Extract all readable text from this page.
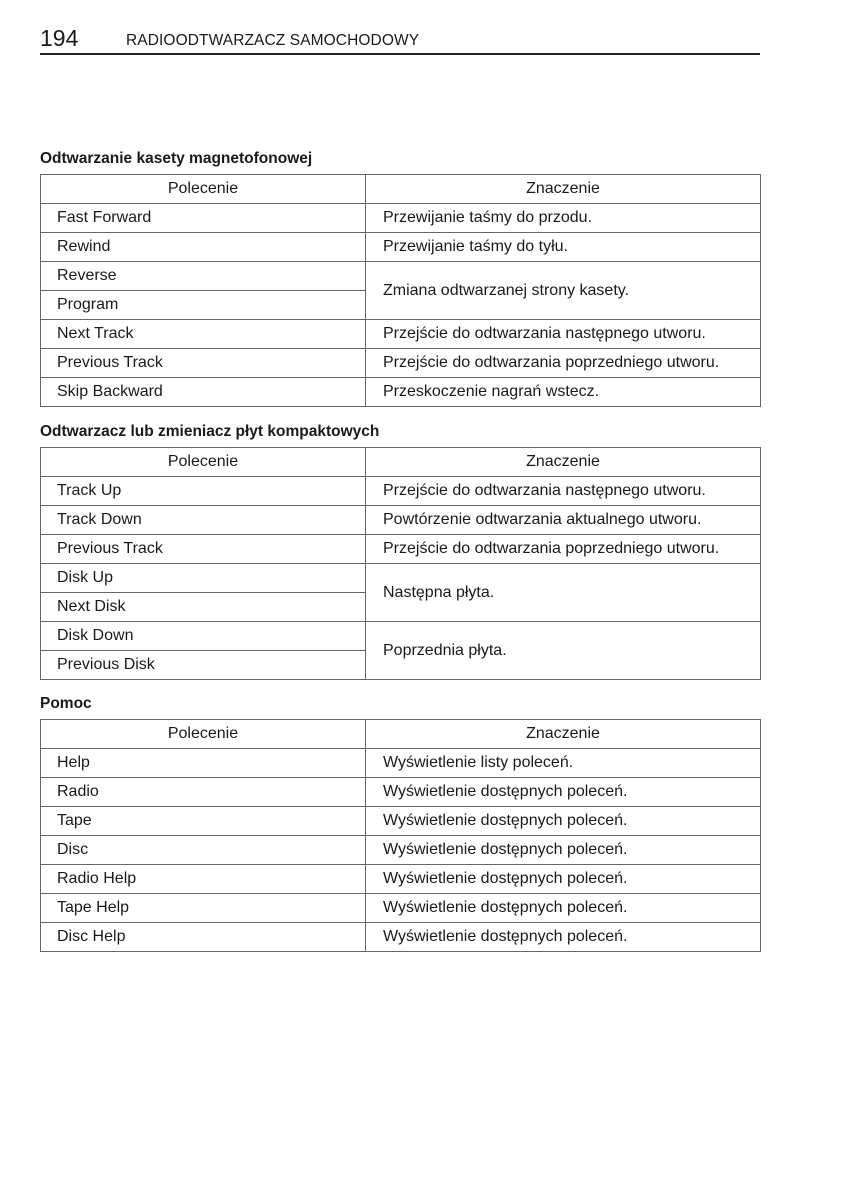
194	RADIOODTWARZACZ SAMOCHODOWY
Odtwarzanie kasety magnetofonowej
Polecenie	Znaczenie
Fast Forward	Przewijanie taśmy do przodu.
Rewind	Przewijanie taśmy do tyłu.
Reverse	Zmiana odtwarzanej strony kasety.
Program	
Next Track	Przejście do odtwarzania następnego utworu.
Previous Track	Przejście do odtwarzania poprzedniego utworu.
Skip Backward	Przeskoczenie nagrań wstecz.
Odtwarzacz lub zmieniacz płyt kompaktowych
Polecenie	Znaczenie
Track Up	Przejście do odtwarzania następnego utworu.
Track Down	Powtórzenie odtwarzania aktualnego utworu.
Previous Track	Przejście do odtwarzania poprzedniego utworu.
Disk Up	Następna płyta.
Next Disk	
Disk Down	Poprzednia płyta.
Previous Disk	
Pomoc
Polecenie	Znaczenie
Help	Wyświetlenie listy poleceń.
Radio	Wyświetlenie dostępnych poleceń.
Tape	Wyświetlenie dostępnych poleceń.
Disc	Wyświetlenie dostępnych poleceń.
Radio Help	Wyświetlenie dostępnych poleceń.
Tape Help	Wyświetlenie dostępnych poleceń.
Disc Help	Wyświetlenie dostępnych poleceń.
